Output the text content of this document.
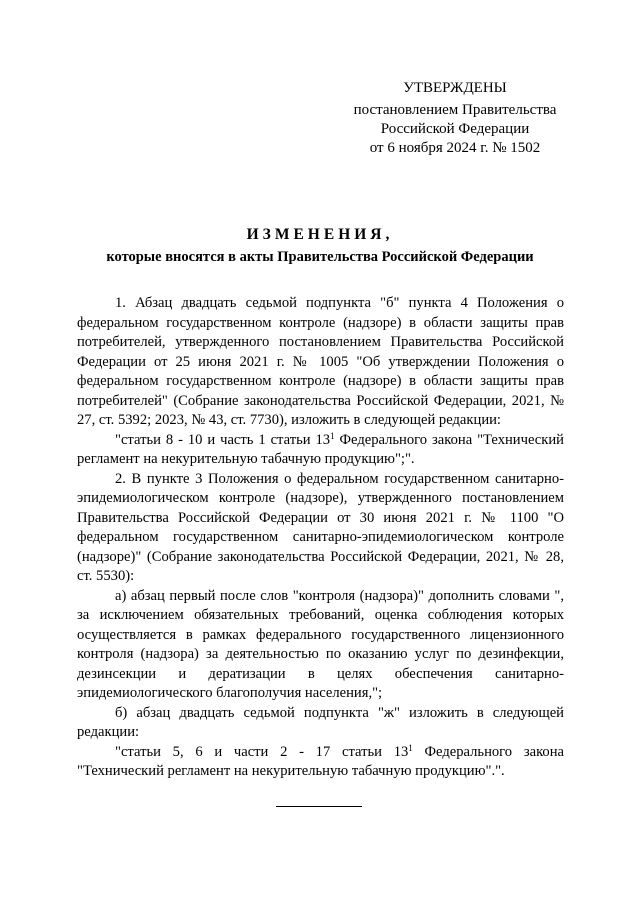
УТВЕРЖДЕНЫ
постановлением Правительства
Российской Федерации
от 6 ноября 2024 г. № 1502
ИЗМЕНЕНИЯ,
которые вносятся в акты Правительства Российской Федерации

1. Абзац двадцать седьмой подпункта "б" пункта 4 Положения о федеральном государственном контроле (надзоре) в области защиты прав потребителей, утвержденного постановлением Правительства Российской Федерации от 25 июня 2021 г. № 1005 "Об утверждении Положения о федеральном государственном контроле (надзоре) в области защиты прав потребителей" (Собрание законодательства Российской Федерации, 2021, № 27, ст. 5392; 2023, № 43, ст. 7730), изложить в следующей редакции:

"статьи 8 - 10 и часть 1 статьи $13^1$ Федерального закона "Технический регламент на некурительную табачную продукцию";".

2. В пункте 3 Положения о федеральном государственном санитарно-эпидемиологическом контроле (надзоре), утвержденного постановлением Правительства Российской Федерации от 30 июня 2021 г. № 1100 "О федеральном государственном санитарно-эпидемиологическом контроле (надзоре)" (Собрание законодательства Российской Федерации, 2021, № 28, ст. 5530):

а) абзац первый после слов "контроля (надзора)" дополнить словами ", за исключением обязательных требований, оценка соблюдения которых осуществляется в рамках федерального государственного лицензионного контроля (надзора) за деятельностью по оказанию услуг по дезинфекции, дезинсекции и дератизации в целях обеспечения санитарно-эпидемиологического благополучия населения,";

б) абзац двадцать седьмой подпункта "ж" изложить в следующей редакции:

"статьи 5, 6 и части 2 - 17 статьи $13^1$ Федерального закона "Технический регламент на некурительную табачную продукцию".".
